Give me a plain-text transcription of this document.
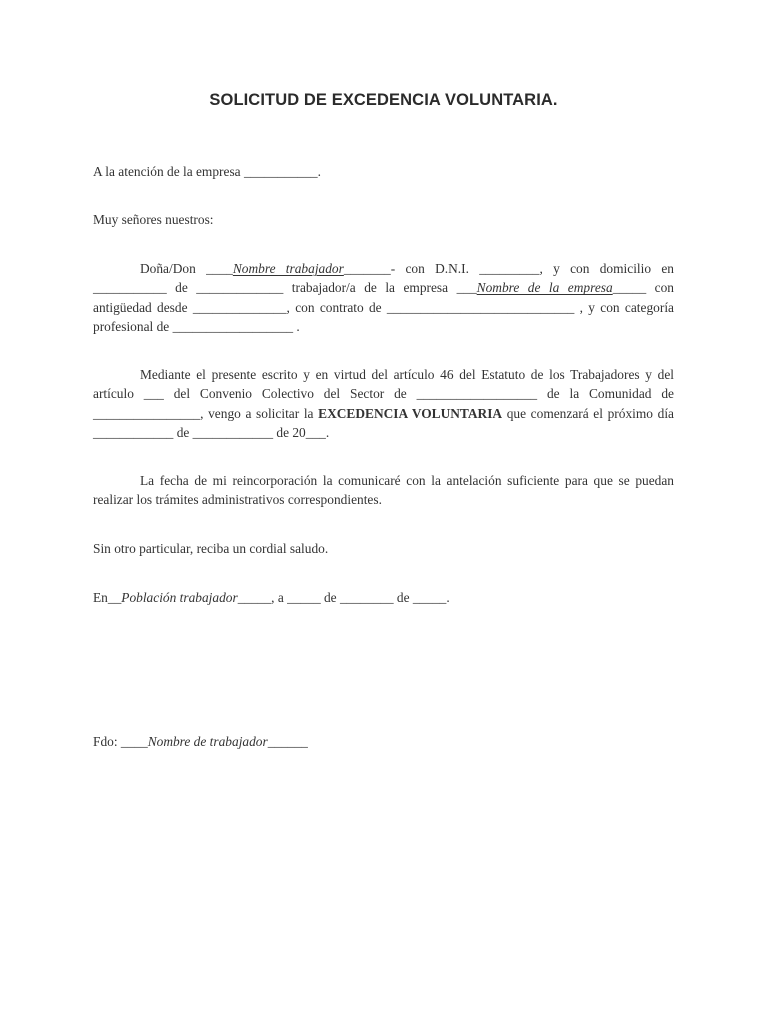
SOLICITUD DE EXCEDENCIA VOLUNTARIA.

A la atención de la empresa ___________.

Muy señores nuestros:

Doña/Don ____Nombre trabajador_______- con D.N.I. _________, y con domicilio en ___________ de _____________ trabajador/a de la empresa ___Nombre de la empresa_____ con antigüedad desde ______________, con contrato de ____________________________ , y con categoría profesional de __________________ .

Mediante el presente escrito y en virtud del artículo 46 del Estatuto de los Trabajadores y del artículo ___ del Convenio Colectivo del Sector de __________________ de la Comunidad de ________________, vengo a solicitar la EXCEDENCIA VOLUNTARIA que comenzará el próximo día ____________ de ____________ de 20___.

La fecha de mi reincorporación la comunicaré con la antelación suficiente para que se puedan realizar los trámites administrativos correspondientes.

Sin otro particular, reciba un cordial saludo.

En__Población trabajador_____, a _____ de ________ de _____.

Fdo: ____Nombre de trabajador______
